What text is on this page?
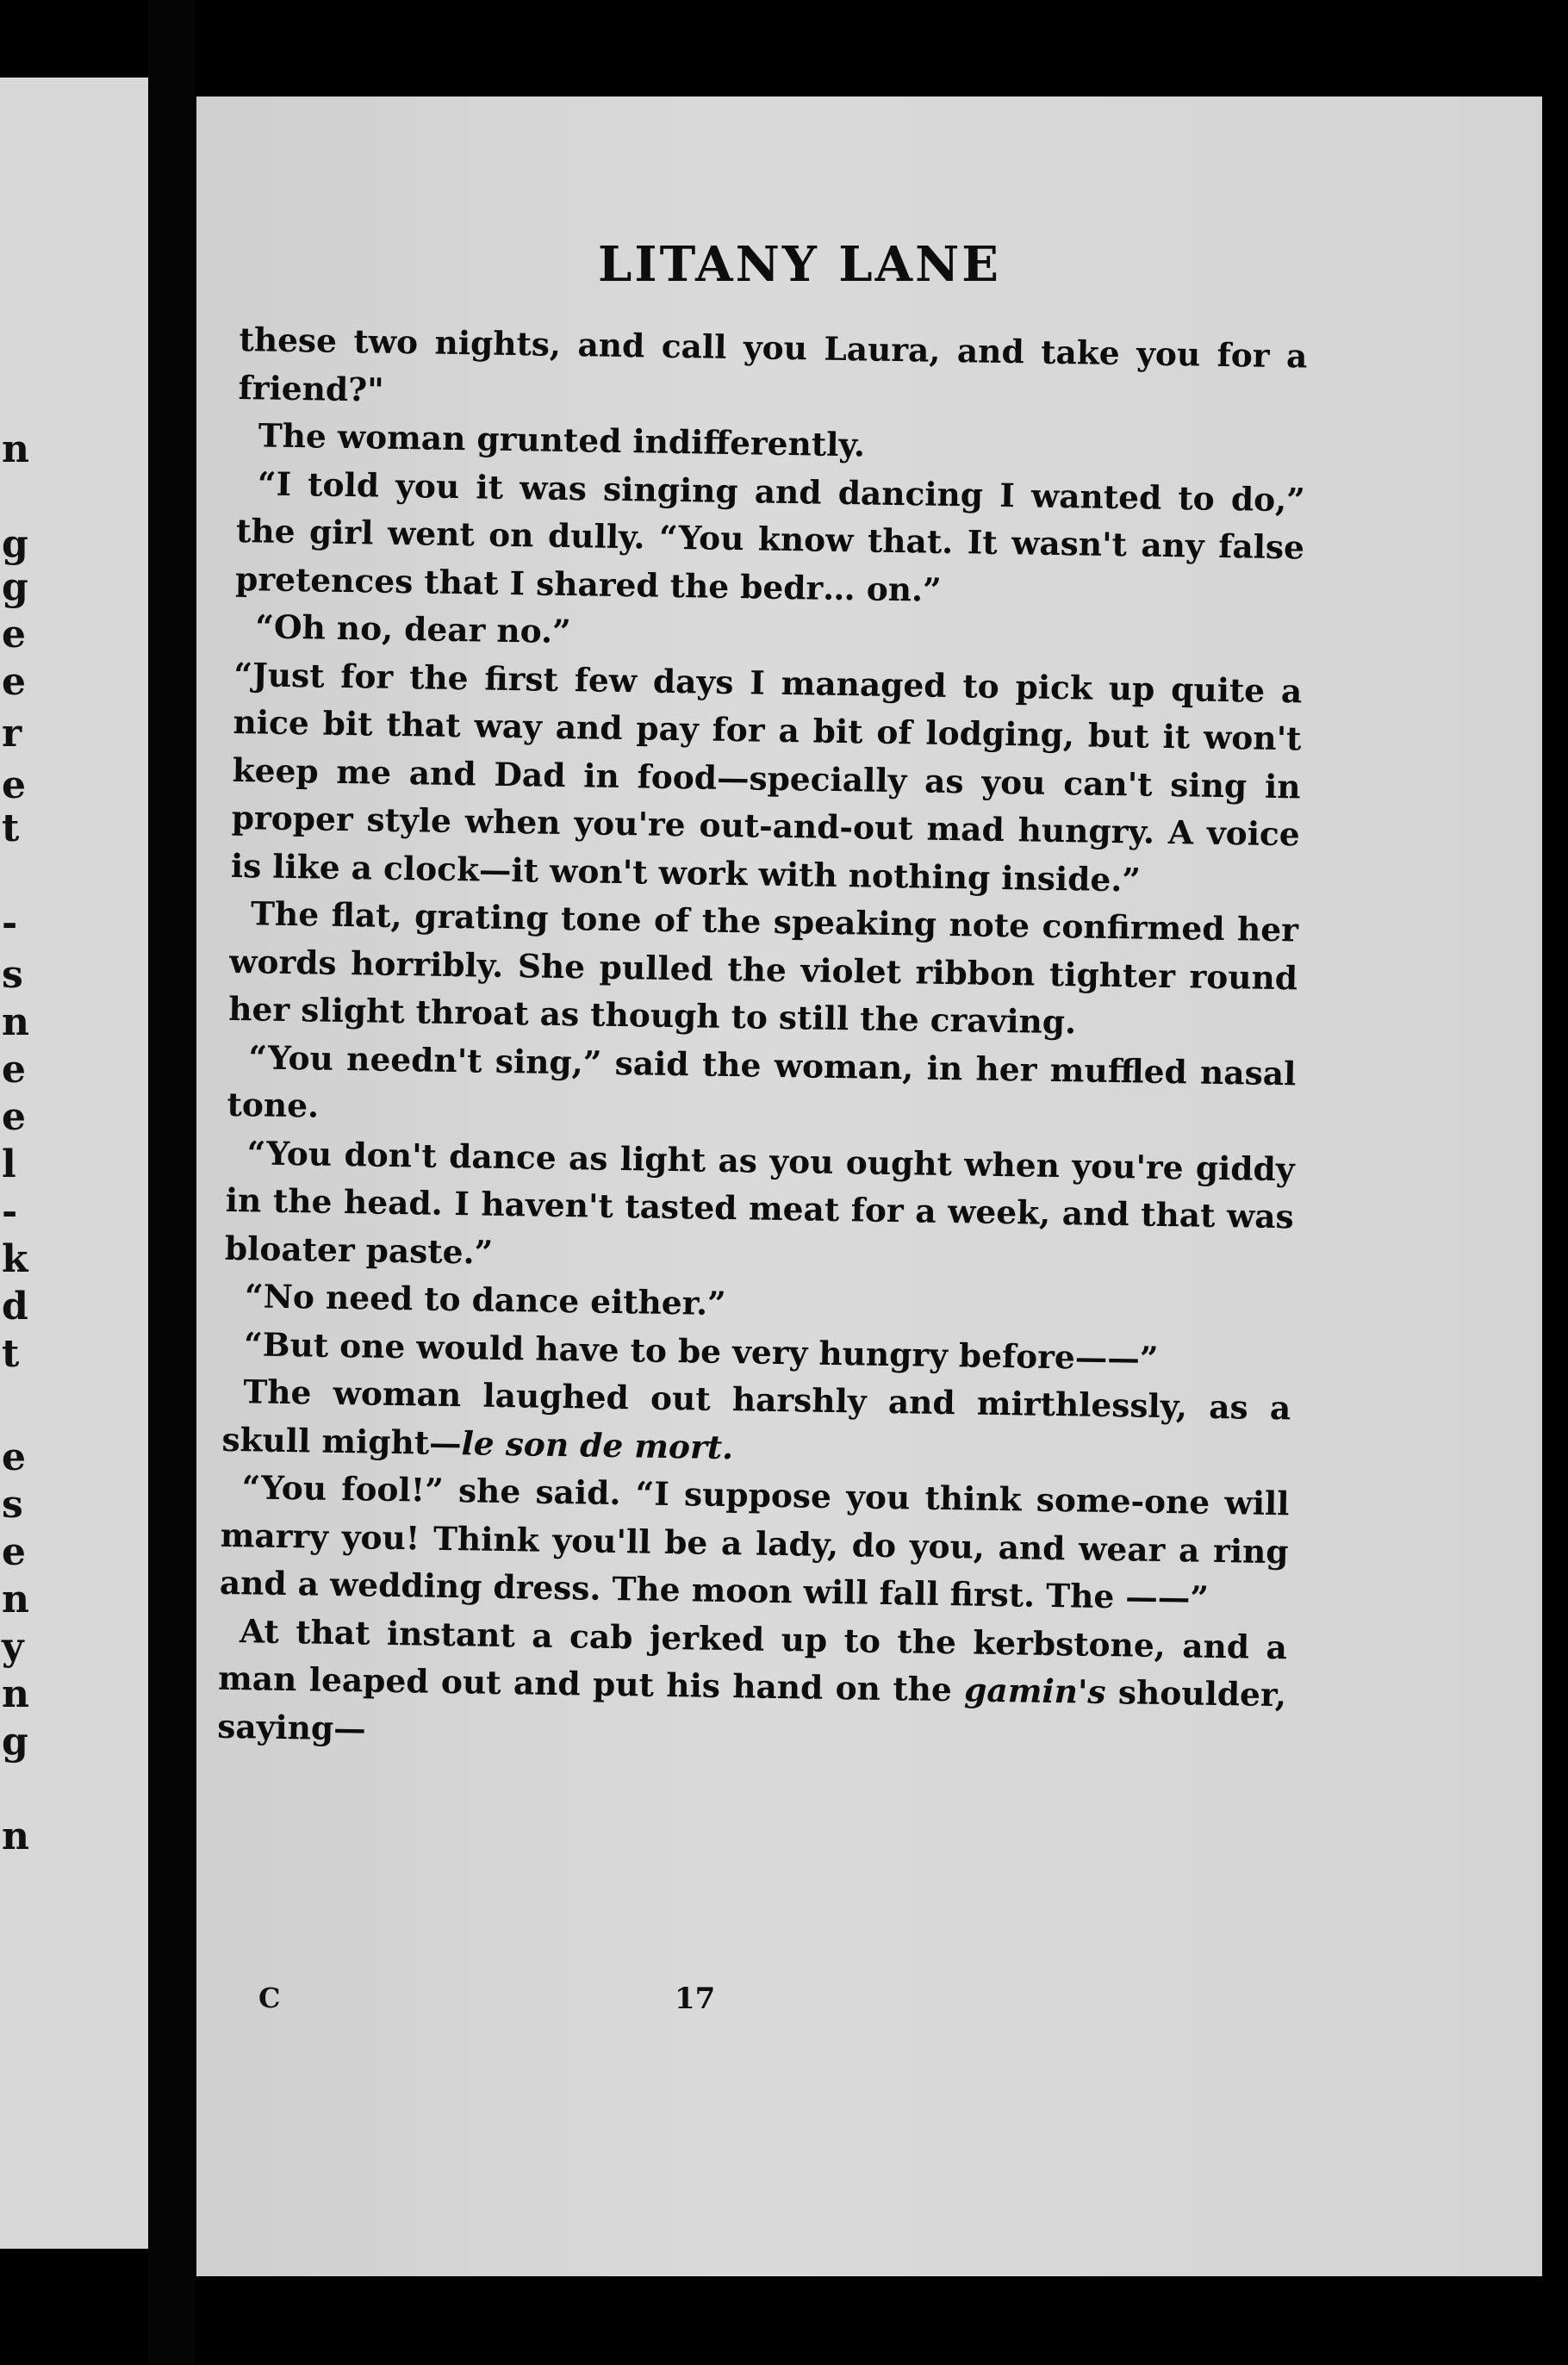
n
g
g
e
e
r
e
t
-
s
n
e
e
l
-
k
d
t
e
s
e
n
y
n
g
n
LITANY LANE

these two nights, and call you Laura, and take you for a friend?"

The woman grunted indifferently.

“I told you it was singing and dancing I wanted to do,” the girl went on dully. “You know that. It wasn't any false pretences that I shared the bedr… on.”

“Oh no, dear no.”

“Just for the first few days I managed to pick up quite a nice bit that way and pay for a bit of lodging, but it won't keep me and Dad in food—specially as you can't sing in proper style when you're out-and-out mad hungry. A voice is like a clock—it won't work with nothing inside.”

The flat, grating tone of the speaking note confirmed her words horribly. She pulled the violet ribbon tighter round her slight throat as though to still the craving.

“You needn't sing,” said the woman, in her muffled nasal tone.

“You don't dance as light as you ought when you're giddy in the head. I haven't tasted meat for a week, and that was bloater paste.”

“No need to dance either.”

“But one would have to be very hungry before——”

The woman laughed out harshly and mirthlessly, as a skull might—le son de mort.

“You fool!” she said. “I suppose you think some-one will marry you! Think you'll be a lady, do you, and wear a ring and a wedding dress. The moon will fall first. The ——”

At that instant a cab jerked up to the kerbstone, and a man leaped out and put his hand on the gamin's shoulder, saying—

C	17
